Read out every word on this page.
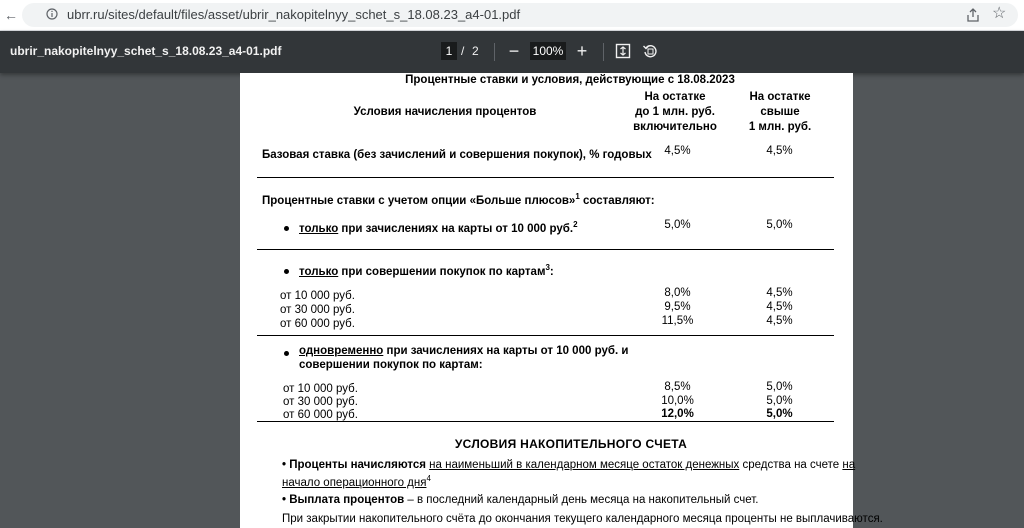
←	ubrr.ru/sites/default/files/asset/ubrir_nakopitelnyy_schet_s_18.08.23_a4-01.pdf	☆
ubrir_nakopitelnyy_schet_s_18.08.23_a4-01.pdf	1 / 2	−	100% +
Процентные ставки и условия, действующие с 18.08.2023
Условия начисления процентов
На остатке
до 1 млн. руб.
включительно
На остатке
свыше
1 млн. руб.
Базовая ставка (без зачислений и совершения покупок), % годовых	4,5%	4,5%
Процентные ставки с учетом опции «Больше плюсов»$^1$ составляют:
только при зачислениях на карты от 10 000 руб.$^2$	5,0%	5,0%
только при совершении покупок по картам$^3$:
от 10 000 руб.	8,0%	4,5%
от 30 000 руб.	9,5%	4,5%
от 60 000 руб.	11,5%	4,5%
одновременно при зачислениях на карты от 10 000 руб. и
совершении покупок по картам:
от 10 000 руб.	8,5%	5,0%
от 30 000 руб.	10,0%	5,0%
от 60 000 руб.	12,0%	5,0%
УСЛОВИЯ НАКОПИТЕЛЬНОГО СЧЕТА
• Проценты начисляются на наименьший в календарном месяце остаток денежных средства на счете на
начало операционного дня$^4$
• Выплата процентов – в последний календарный день месяца на накопительный счет.
При закрытии накопительного счёта до окончания текущего календарного месяца проценты не выплачиваются.
